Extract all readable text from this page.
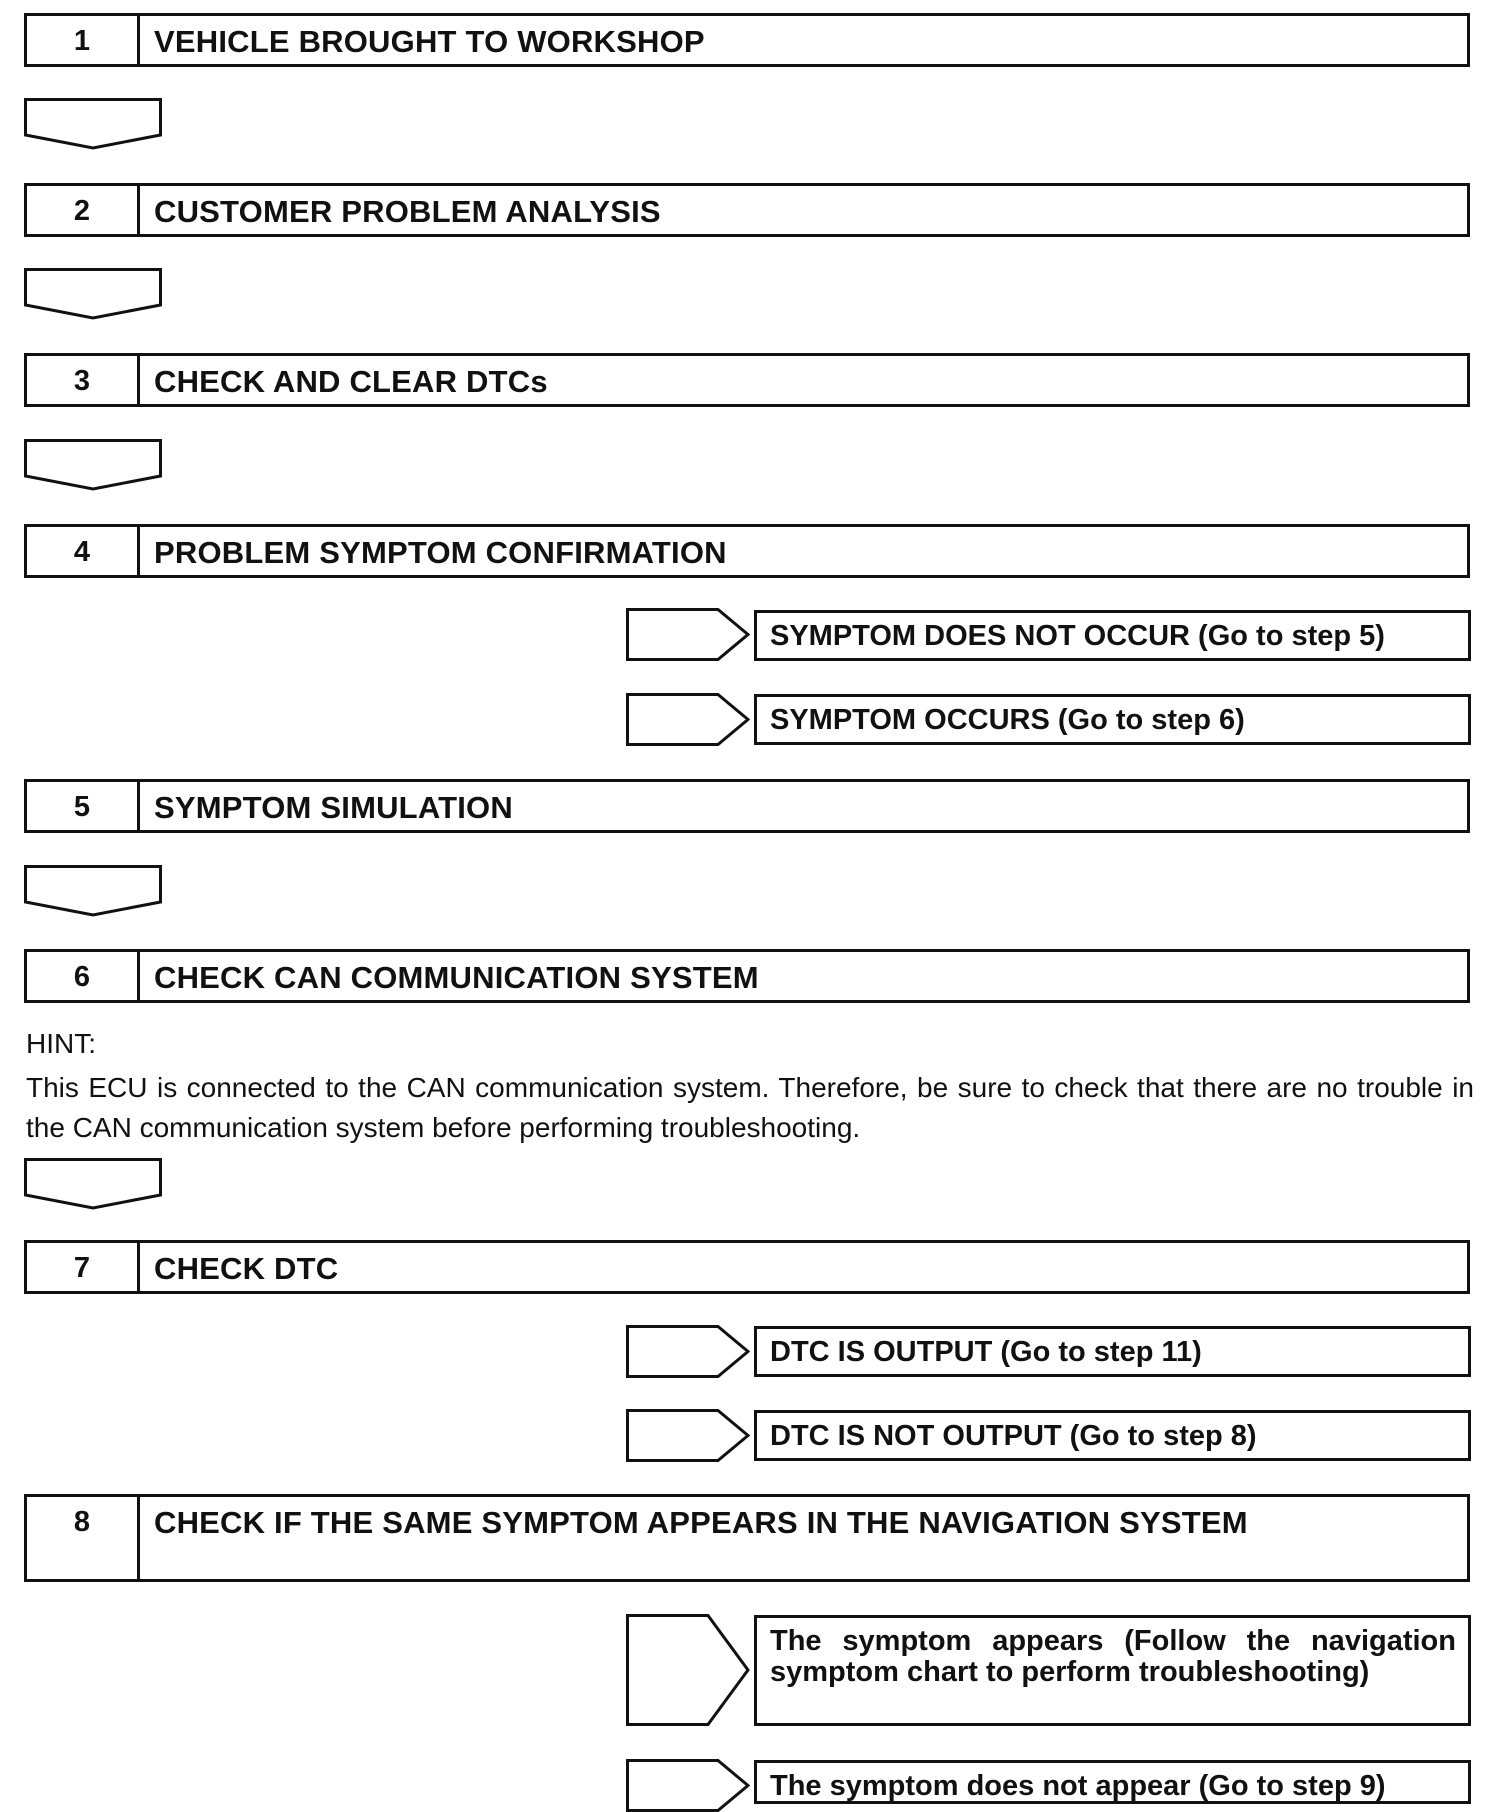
1	VEHICLE BROUGHT TO WORKSHOP
2	CUSTOMER PROBLEM ANALYSIS
3	CHECK AND CLEAR DTCs
4	PROBLEM SYMPTOM CONFIRMATION
SYMPTOM DOES NOT OCCUR (Go to step 5)
SYMPTOM OCCURS (Go to step 6)
5	SYMPTOM SIMULATION
6	CHECK CAN COMMUNICATION SYSTEM
HINT:
This ECU is connected to the CAN communication system. Therefore, be sure to check that there are no trouble in the CAN communication system before performing troubleshooting.
7	CHECK DTC
DTC IS OUTPUT (Go to step 11)
DTC IS NOT OUTPUT (Go to step 8)
8	CHECK IF THE SAME SYMPTOM APPEARS IN THE NAVIGATION SYSTEM
The symptom appears (Follow the navigation symptom chart to perform troubleshooting)
The symptom does not appear (Go to step 9)
